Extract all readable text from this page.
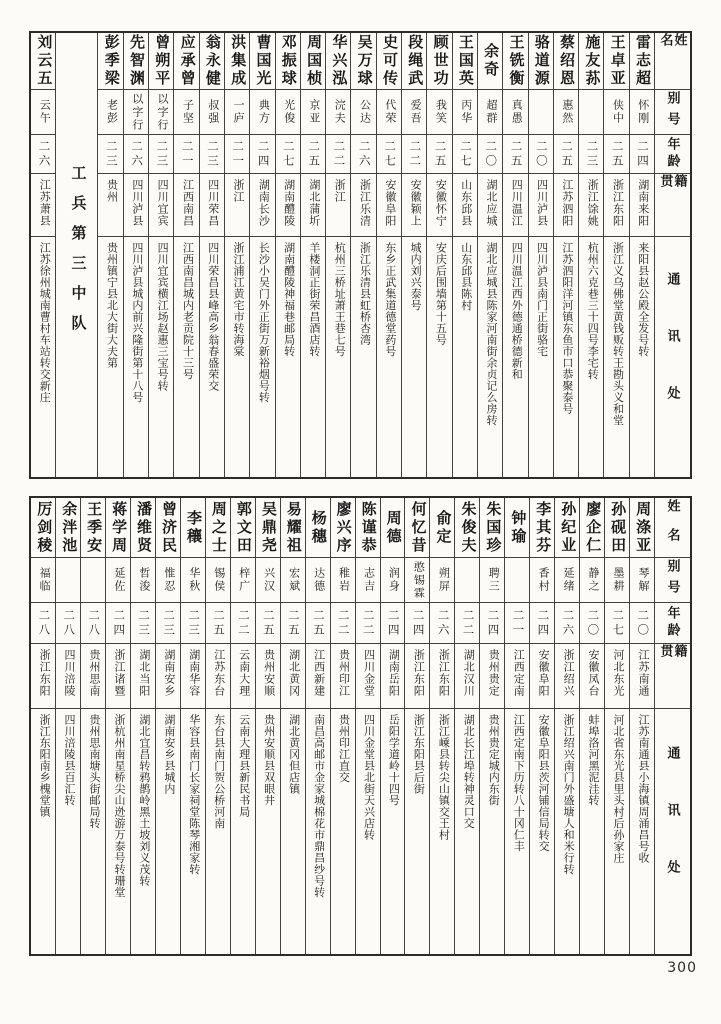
姓名
别号
年龄
籍贯
通讯处
雷志超
怀刚
二四
湖南来阳
来阳县赵公殿全发号转
王卓亚
侠中
二五
浙江东阳
浙江义乌佛堂黄钱贩转王勘头义和堂
施友荪
二三
浙江馀姚
杭州六克巷三十四号李宅转
蔡绍恩
惠然
二五
江苏泗阳
江苏泗阳洋河镇东鱼市口恭聚泰号
骆道源
二〇
四川泸县
四川泸县南门正街骆宅
王铣衡
真愚
二五
四川温江
四川温江西外德通桥德新和
余奇
超群
二〇
湖北应城
湖北应城县陈家河南街余贞记么房转
王国英
丙华
二七
山东邱县
山东邱县陈村
顾世功
我笑
二五
安徽怀宁
安庆后围墙第十五号
段绳武
爱吾
二二
安徽颖上
城内刘兴泰号
史可传
代荣
二七
安徽阜阳
东乡正武集道德堂药号
吴万球
公达
二六
浙江乐清
浙江乐清县虹桥杏湾
华兴泓
浣夫
二二
浙江
杭州三桥址萧王巷七号
周国桢
京亚
二五
湖北蒲圻
羊楼洞正街荣昌酒店转
邓振球
光俊
二七
湖南醴陵
湖南醴陵神福巷邮局转
曹国光
典方
二四
湖南长沙
长沙小吴门外正街万新裕烟号转
洪集成
一庐
二一
浙江
浙江浦江黄宅市转海棠
翁永健
叔强
二三
四川荣昌
四川荣昌县峰高乡翁春盛荣交
应承曾
子坚
二一
江西南昌
江西南昌城内老贡院十三号
曾朔平
以字行
二三
四川宜宾
四川宜宾横江场赵惠三宝号转
先智渊
以字行
二六
四川泸县
四川泸县城内前兴隆街第十八号
彭季梁
老彭
二三
贵州
贵州镇宁县北大街大夫第
工兵第三中队
刘云五
云午
二六
江苏萧县
江苏徐州城南曹村车站转交新庄
姓名
别号
年龄
籍贯
通讯处
周涤亚
琴解
二〇
江苏南通
江苏南通县小海镇周涌昌号收
孙砚田
墨耕
二七
河北东光
河北省东光县里头村后孙家庄
廖企仁
静之
二〇
安徽凤台
蚌埠洛河黑泥洼转
孙纪业
延绪
二六
浙江绍兴
浙江绍兴南门外盛塘人和米行转
李其芬
香村
二四
安徽阜阳
安徽阜阳县茨河铺信局转交
钟瑜
二一
江西定南
江西定南下历转八十冈仁丰
朱国珍
聘三
二四
贵州贵定
贵州贵定城内东街
朱俊夫
二二
湖北汉川
湖北长江埠转神灵口交
俞定
朔屏
二六
浙江东阳
浙江嵊县转尖山镇交王村
何忆昔
憨锡霖
二四
浙江东阳
浙江东阳县后街
周德
润身
二四
湖南岳阳
岳阳学道岭十四号
陈谨恭
志吉
二二
四川金堂
四川金堂县北街天兴店转
廖兴序
稚岩
二二
贵州印江
贵州印江直交
杨穗
达德
二五
江西新建
南昌高邮市金家城棉花市鼎昌纱号转
易耀祖
宏斌
二五
湖北黄冈
湖北黄冈但店镇
吴鼎尧
兴汉
二五
贵州安顺
贵州安顺县双眼井
郭文田
梓广
二二
云南大理
云南大理县新民书局
周之士
锡侯
二五
江苏东台
东台县南门贺公桥河南
李穰
华秋
二三
湖南华容
华容县南门长家祠堂陈琴湘家转
曾济民
惟忍
二三
湖南安乡
湖南安乡县城内
潘维贤
哲浚
二三
湖北当阳
湖北宜昌转鸦鹊岭黑土坡刘义茂转
蒋学周
延佐
二四
浙江诸暨
浙杭州南星桥尖山迯游万泰号转珊堂
王季安
二八
贵州思南
贵州思南塘头街邮局转
余泮池
二八
四川涪陵
四川涪陵县百汇转
厉剑稜
福临
二八
浙江东阳
浙江东阳南乡槐堂镇
300
